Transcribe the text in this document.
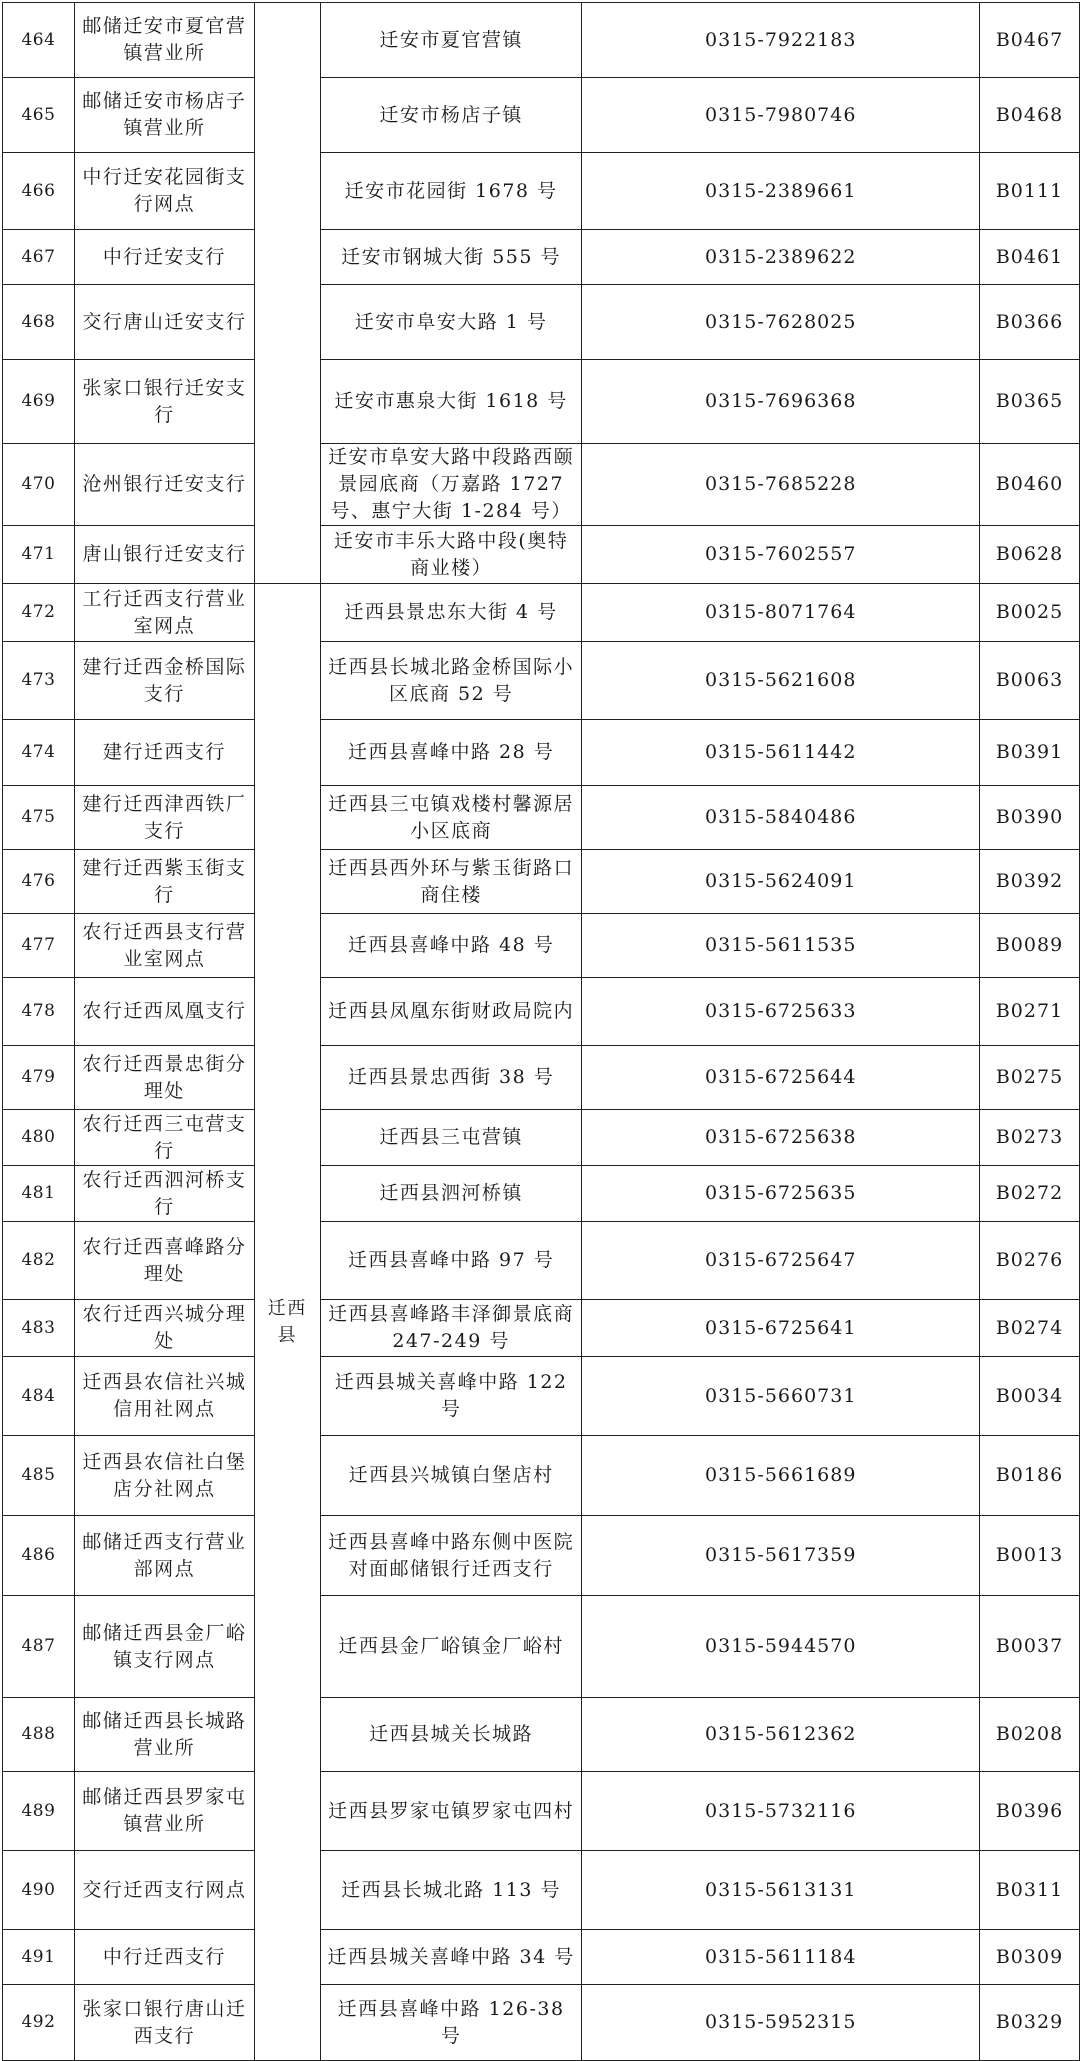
464	邮储迁安市夏官营镇营业所		迁安市夏官营镇	0315-7922183	B0467
465	邮储迁安市杨店子镇营业所		迁安市杨店子镇	0315-7980746	B0468
466	中行迁安花园街支行网点		迁安市花园街 1678 号	0315-2389661	B0111
467	中行迁安支行		迁安市钢城大街 555 号	0315-2389622	B0461
468	交行唐山迁安支行		迁安市阜安大路 1 号	0315-7628025	B0366
469	张家口银行迁安支行		迁安市惠泉大街 1618 号	0315-7696368	B0365
470	沧州银行迁安支行		迁安市阜安大路中段路西颐景园底商（万嘉路 1727 号、惠宁大街 1-284 号）	0315-7685228	B0460
471	唐山银行迁安支行		迁安市丰乐大路中段(奥特商业楼）	0315-7602557	B0628
472	工行迁西支行营业室网点	迁西县	迁西县景忠东大街 4 号	0315-8071764	B0025
473	建行迁西金桥国际支行		迁西县长城北路金桥国际小区底商 52 号	0315-5621608	B0063
474	建行迁西支行		迁西县喜峰中路 28 号	0315-5611442	B0391
475	建行迁西津西铁厂支行		迁西县三屯镇戏楼村馨源居小区底商	0315-5840486	B0390
476	建行迁西紫玉街支行		迁西县西外环与紫玉街路口商住楼	0315-5624091	B0392
477	农行迁西县支行营业室网点		迁西县喜峰中路 48 号	0315-5611535	B0089
478	农行迁西凤凰支行		迁西县凤凰东街财政局院内	0315-6725633	B0271
479	农行迁西景忠街分理处		迁西县景忠西街 38 号	0315-6725644	B0275
480	农行迁西三屯营支行		迁西县三屯营镇	0315-6725638	B0273
481	农行迁西泗河桥支行		迁西县泗河桥镇	0315-6725635	B0272
482	农行迁西喜峰路分理处		迁西县喜峰中路 97 号	0315-6725647	B0276
483	农行迁西兴城分理处		迁西县喜峰路丰泽御景底商 247-249 号	0315-6725641	B0274
484	迁西县农信社兴城信用社网点		迁西县城关喜峰中路 122 号	0315-5660731	B0034
485	迁西县农信社白堡店分社网点		迁西县兴城镇白堡店村	0315-5661689	B0186
486	邮储迁西支行营业部网点		迁西县喜峰中路东侧中医院对面邮储银行迁西支行	0315-5617359	B0013
487	邮储迁西县金厂峪镇支行网点		迁西县金厂峪镇金厂峪村	0315-5944570	B0037
488	邮储迁西县长城路营业所		迁西县城关长城路	0315-5612362	B0208
489	邮储迁西县罗家屯镇营业所		迁西县罗家屯镇罗家屯四村	0315-5732116	B0396
490	交行迁西支行网点		迁西县长城北路 113 号	0315-5613131	B0311
491	中行迁西支行		迁西县城关喜峰中路 34 号	0315-5611184	B0309
492	张家口银行唐山迁西支行		迁西县喜峰中路 126-38 号	0315-5952315	B0329
